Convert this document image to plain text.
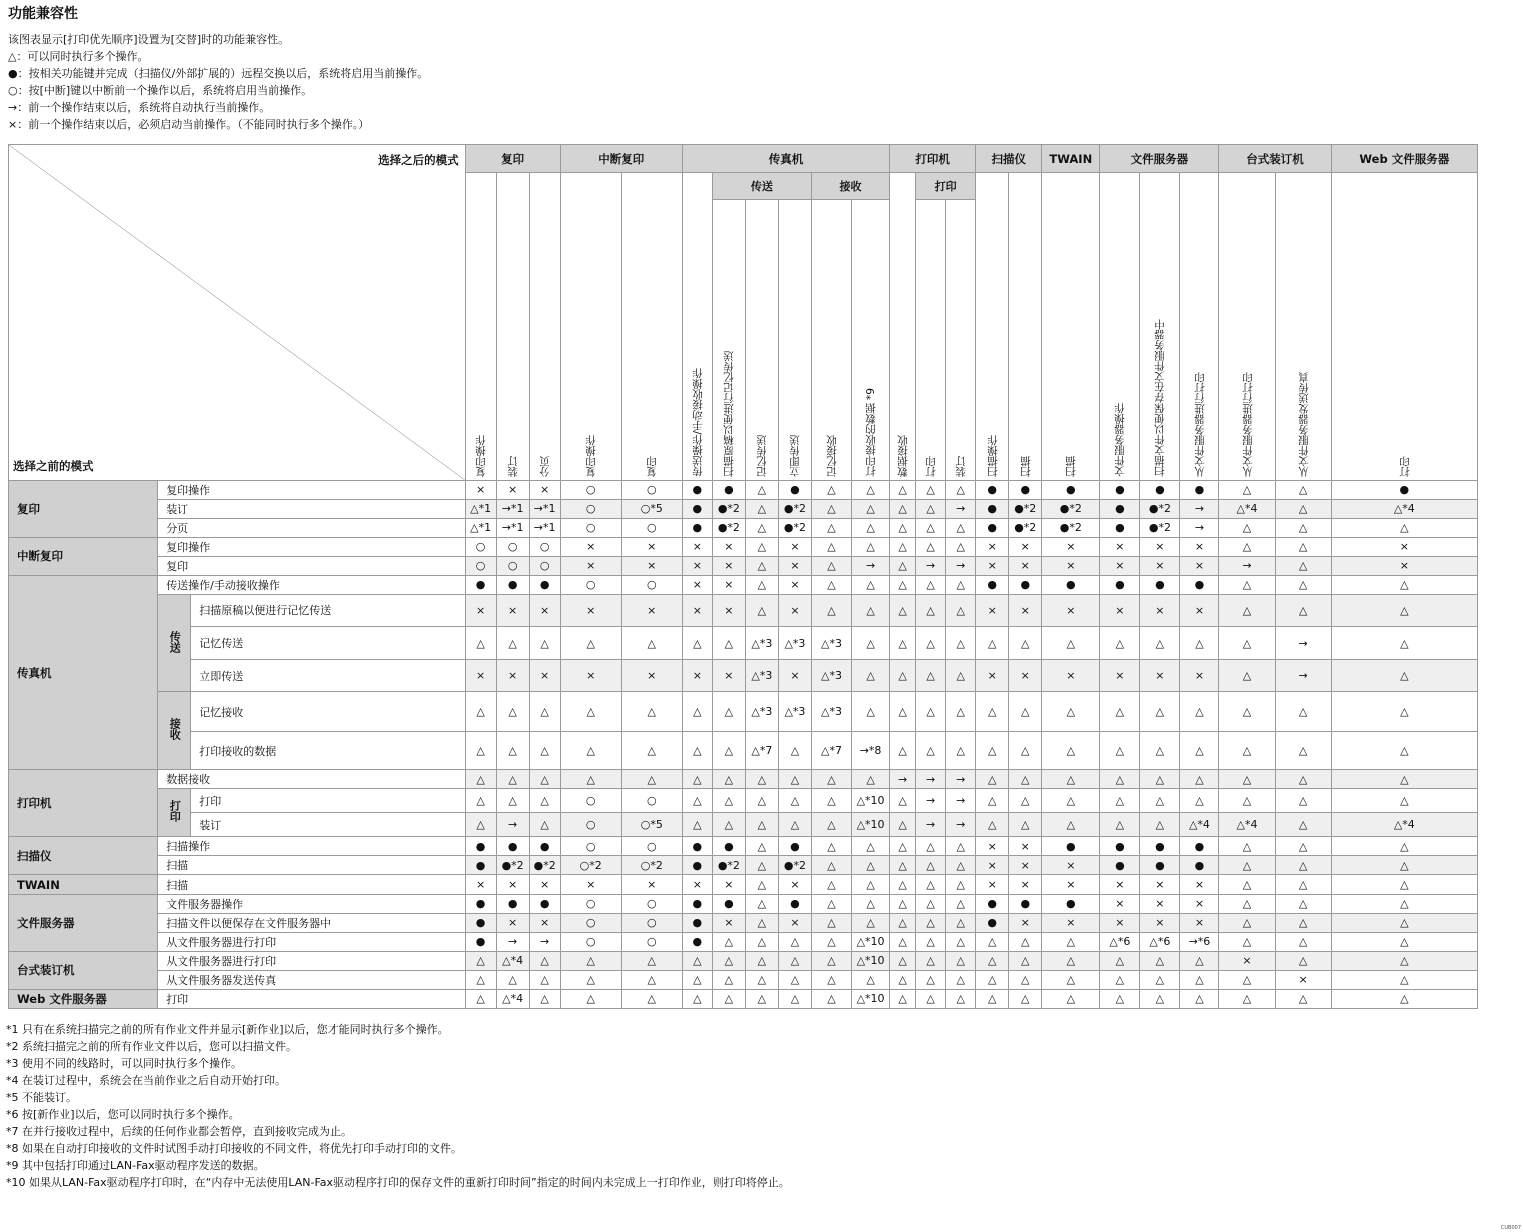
功能兼容性
该图表显示[打印优先顺序]设置为[交替]时的功能兼容性。
△：可以同时执行多个操作。
●：按相关功能键并完成（扫描仪/外部扩展的）远程交换以后，系统将启用当前操作。
○：按[中断]键以中断前一个操作以后，系统将启用当前操作。
→：前一个操作结束以后，系统将自动执行当前操作。
×：前一个操作结束以后，必须启动当前操作。（不能同时执行多个操作。）
选择之后的模式
选择之前的模式			复印			中断复印		传真机						打印机			扫描仪		TWAIN	文件服务器			台式装订机		Web 文件服务器
			复印操作	装订	分页	复印操作	复印	传送操作/手动接收操作	传送			接收		数据接收	打印		扫描操作	扫描	扫描	文件服务器操作	扫描文件以便保存在文件服务器中	从文件服务器进行打印	从文件服务器进行打印	从文件服务器发送传真	打印
									扫描原稿以便进行记忆传送	记忆传送	立即传送	记忆接收	打印接收的数据 *9		打印	装订									
复印	复印操作		×	×	×	○	○	●	●	△	●	△	△	△	△	△	●	●	●	●	●	●	△	△	●
	装订		△*1	→*1	→*1	○	○*5	●	●*2	△	●*2	△	△	△	△	→	●	●*2	●*2	●	●*2	→	△*4	△	△*4
	分页		△*1	→*1	→*1	○	○	●	●*2	△	●*2	△	△	△	△	△	●	●*2	●*2	●	●*2	→	△	△	△
中断复印	复印操作		○	○	○	×	×	×	×	△	×	△	△	△	△	△	×	×	×	×	×	×	△	△	×
	复印		○	○	○	×	×	×	×	△	×	△	→	△	→	→	×	×	×	×	×	×	→	△	×
传真机	传送操作/手动接收操作		●	●	●	○	○	×	×	△	×	△	△	△	△	△	●	●	●	●	●	●	△	△	△
	传送	扫描原稿以便进行记忆传送	×	×	×	×	×	×	×	△	×	△	△	△	△	△	×	×	×	×	×	×	△	△	△
		记忆传送	△	△	△	△	△	△	△	△*3	△*3	△*3	△	△	△	△	△	△	△	△	△	△	△	→	△
		立即传送	×	×	×	×	×	×	×	△*3	×	△*3	△	△	△	△	×	×	×	×	×	×	△	→	△
	接收	记忆接收	△	△	△	△	△	△	△	△*3	△*3	△*3	△	△	△	△	△	△	△	△	△	△	△	△	△
		打印接收的数据	△	△	△	△	△	△	△	△*7	△	△*7	→*8	△	△	△	△	△	△	△	△	△	△	△	△
打印机	数据接收		△	△	△	△	△	△	△	△	△	△	△	→	→	→	△	△	△	△	△	△	△	△	△
	打印	打印	△	△	△	○	○	△	△	△	△	△	△*10	△	→	→	△	△	△	△	△	△	△	△	△
		装订	△	→	△	○	○*5	△	△	△	△	△	△*10	△	→	→	△	△	△	△	△	△*4	△*4	△	△*4
扫描仪	扫描操作		●	●	●	○	○	●	●	△	●	△	△	△	△	△	×	×	●	●	●	●	△	△	△
	扫描		●	●*2	●*2	○*2	○*2	●	●*2	△	●*2	△	△	△	△	△	×	×	×	●	●	●	△	△	△
TWAIN	扫描		×	×	×	×	×	×	×	△	×	△	△	△	△	△	×	×	×	×	×	×	△	△	△
文件服务器	文件服务器操作		●	●	●	○	○	●	●	△	●	△	△	△	△	△	●	●	●	×	×	×	△	△	△
	扫描文件以便保存在文件服务器中		●	×	×	○	○	●	×	△	×	△	△	△	△	△	●	×	×	×	×	×	△	△	△
	从文件服务器进行打印		●	→	→	○	○	●	△	△	△	△	△*10	△	△	△	△	△	△	△*6	△*6	→*6	△	△	△
台式装订机	从文件服务器进行打印		△	△*4	△	△	△	△	△	△	△	△	△*10	△	△	△	△	△	△	△	△	△	×	△	△
	从文件服务器发送传真		△	△	△	△	△	△	△	△	△	△	△	△	△	△	△	△	△	△	△	△	△	×	△
Web 文件服务器	打印		△	△*4	△	△	△	△	△	△	△	△	△*10	△	△	△	△	△	△	△	△	△	△	△	△
*1 只有在系统扫描完之前的所有作业文件并显示[新作业]以后，您才能同时执行多个操作。
*2 系统扫描完之前的所有作业文件以后，您可以扫描文件。
*3 使用不同的线路时，可以同时执行多个操作。
*4 在装订过程中，系统会在当前作业之后自动开始打印。
*5 不能装订。
*6 按[新作业]以后，您可以同时执行多个操作。
*7 在并行接收过程中，后续的任何作业都会暂停，直到接收完成为止。
*8 如果在自动打印接收的文件时试图手动打印接收的不同文件，将优先打印手动打印的文件。
*9 其中包括打印通过LAN-Fax驱动程序发送的数据。
*10 如果从LAN-Fax驱动程序打印时，在“内存中无法使用LAN-Fax驱动程序打印的保存文件的重新打印时间”指定的时间内未完成上一打印作业，则打印将停止。
CUB007
